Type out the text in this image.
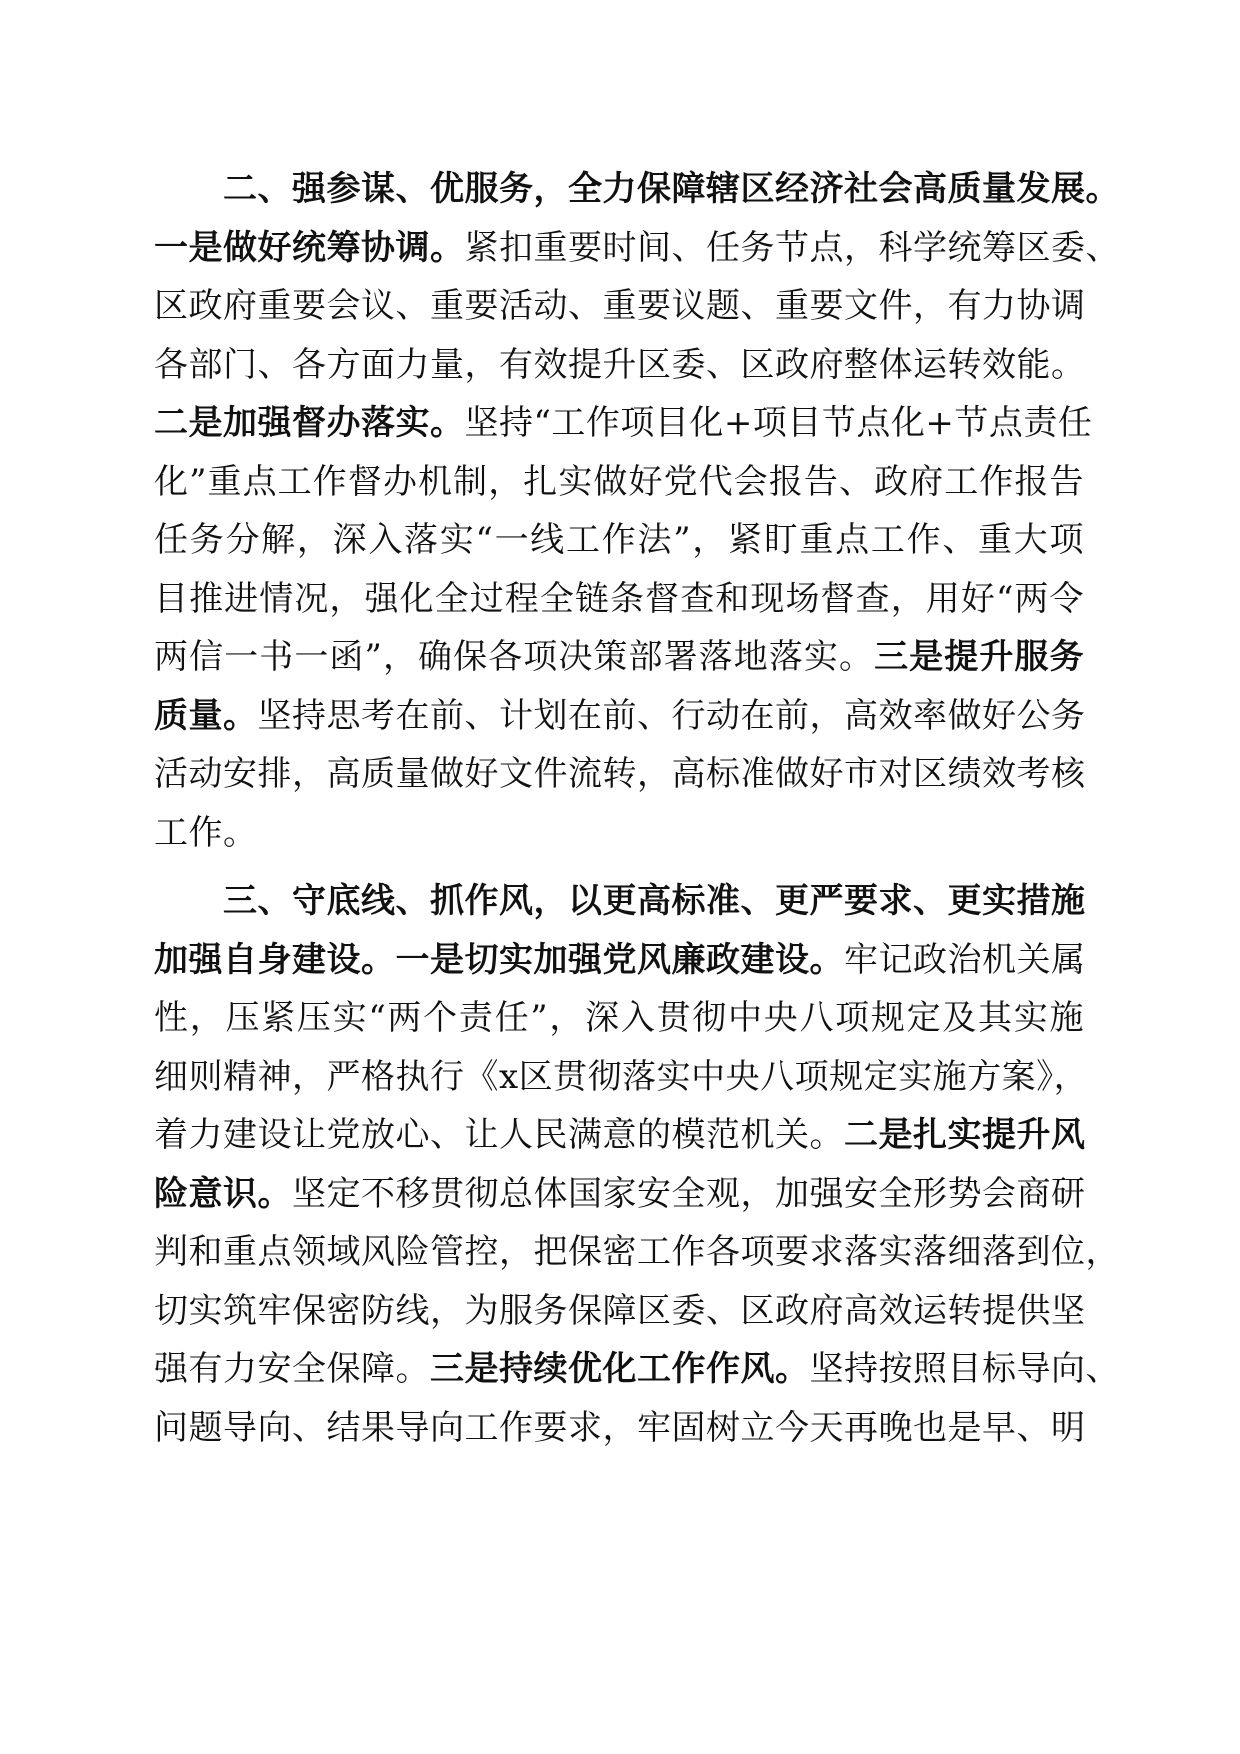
　　二、强参谋、优服务，全力保障辖区经济社会高质量发展。
一是做好统筹协调。紧扣重要时间、任务节点，科学统筹区委、
区政府重要会议、重要活动、重要议题、重要文件，有力协调
各部门、各方面力量，有效提升区委、区政府整体运转效能。
二是加强督办落实。坚持“工作项目化+项目节点化+节点责任
化”重点工作督办机制，扎实做好党代会报告、政府工作报告
任务分解，深入落实“一线工作法”，紧盯重点工作、重大项
目推进情况，强化全过程全链条督查和现场督查，用好“两令
两信一书一函”，确保各项决策部署落地落实。三是提升服务
质量。坚持思考在前、计划在前、行动在前，高效率做好公务
活动安排，高质量做好文件流转，高标准做好市对区绩效考核
工作。
　　三、守底线、抓作风，以更高标准、更严要求、更实措施
加强自身建设。一是切实加强党风廉政建设。牢记政治机关属
性，压紧压实“两个责任”，深入贯彻中央八项规定及其实施
细则精神，严格执行《x区贯彻落实中央八项规定实施方案》，
着力建设让党放心、让人民满意的模范机关。二是扎实提升风
险意识。坚定不移贯彻总体国家安全观，加强安全形势会商研
判和重点领域风险管控，把保密工作各项要求落实落细落到位，
切实筑牢保密防线，为服务保障区委、区政府高效运转提供坚
强有力安全保障。三是持续优化工作作风。坚持按照目标导向、
问题导向、结果导向工作要求，牢固树立今天再晚也是早、明
